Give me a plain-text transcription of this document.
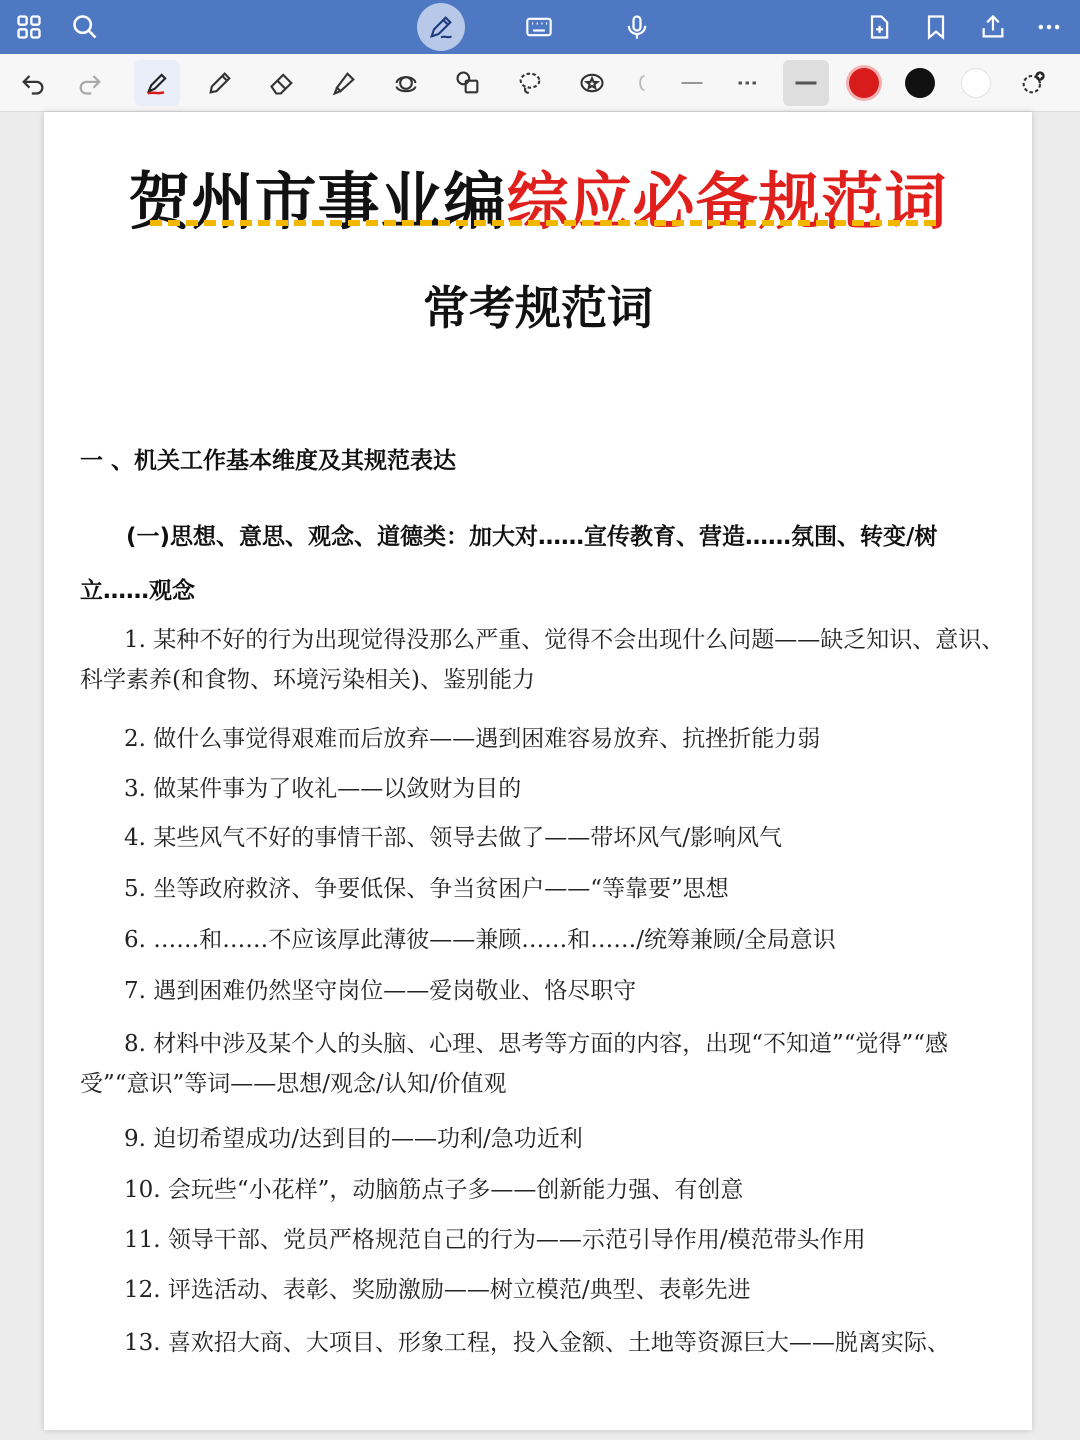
贺州市事业编综应必备规范词
常考规范词
一 、机关工作基本维度及其规范表达
(一)思想、意思、观念、道德类：加大对……宣传教育、营造……氛围、转变/树立……观念
1. 某种不好的行为出现觉得没那么严重、觉得不会出现什么问题——缺乏知识、意识、科学素养(和食物、环境污染相关)、鉴别能力
2. 做什么事觉得艰难而后放弃——遇到困难容易放弃、抗挫折能力弱
3. 做某件事为了收礼——以敛财为目的
4. 某些风气不好的事情干部、领导去做了——带坏风气/影响风气
5. 坐等政府救济、争要低保、争当贫困户——“等靠要”思想
6. ……和……不应该厚此薄彼——兼顾……和……/统筹兼顾/全局意识
7. 遇到困难仍然坚守岗位——爱岗敬业、恪尽职守
8. 材料中涉及某个人的头脑、心理、思考等方面的内容，出现“不知道”“觉得”“感受”“意识”等词——思想/观念/认知/价值观
9. 迫切希望成功/达到目的——功利/急功近利
10. 会玩些“小花样”，动脑筋点子多——创新能力强、有创意
11. 领导干部、党员严格规范自己的行为——示范引导作用/模范带头作用
12. 评选活动、表彰、奖励激励——树立模范/典型、表彰先进
13. 喜欢招大商、大项目、形象工程，投入金额、土地等资源巨大——脱离实际、
